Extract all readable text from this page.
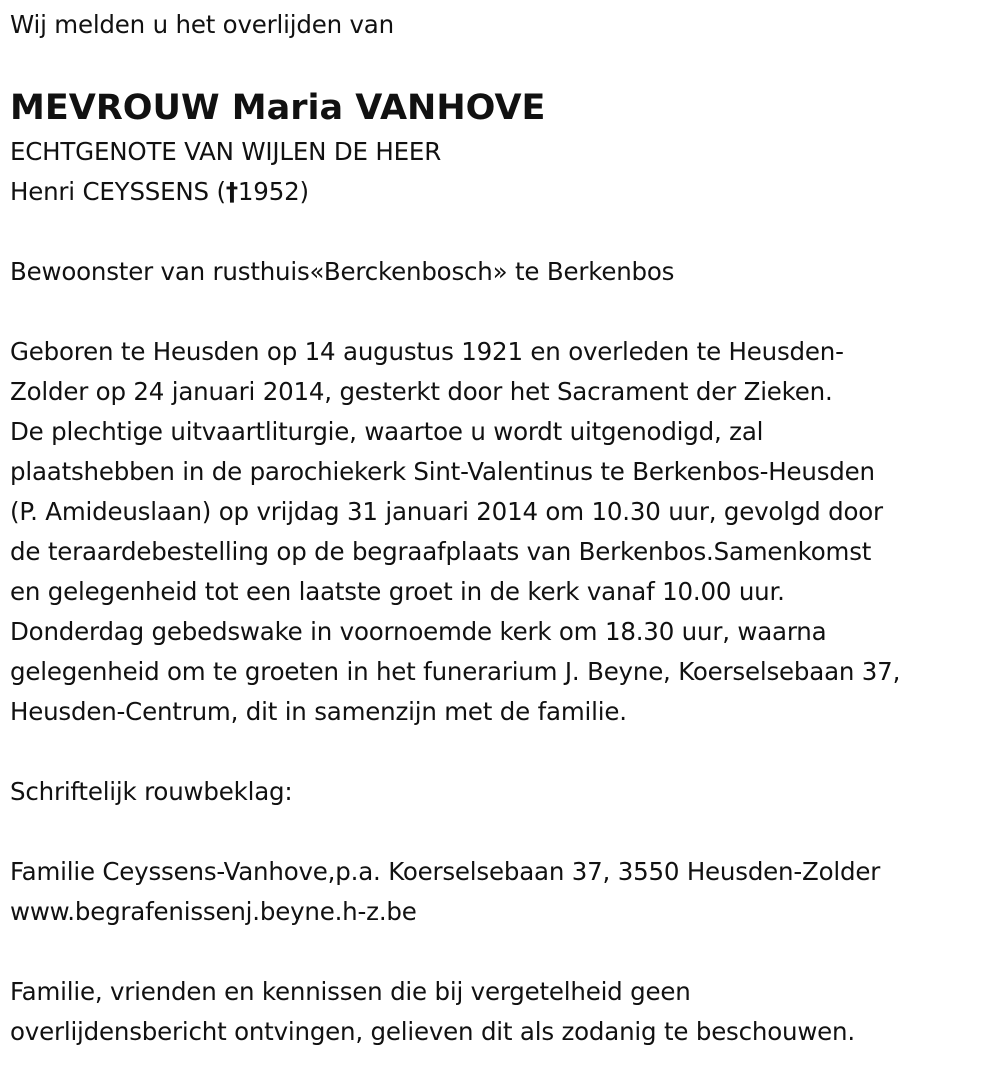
Wij melden u het overlijden van
MEVROUW Maria VANHOVE
ECHTGENOTE VAN WIJLEN DE HEER
Henri CEYSSENS (†1952)
Bewoonster van rusthuis«Berckenbosch» te Berkenbos
Geboren te Heusden op 14 augustus 1921 en overleden te Heusden-
Zolder op 24 januari 2014, gesterkt door het Sacrament der Zieken.
De plechtige uitvaartliturgie, waartoe u wordt uitgenodigd, zal
plaatshebben in de parochiekerk Sint-Valentinus te Berkenbos-Heusden
(P. Amideuslaan) op vrijdag 31 januari 2014 om 10.30 uur, gevolgd door
de teraardebestelling op de begraafplaats van Berkenbos.Samenkomst
en gelegenheid tot een laatste groet in de kerk vanaf 10.00 uur.
Donderdag gebedswake in voornoemde kerk om 18.30 uur, waarna
gelegenheid om te groeten in het funerarium J. Beyne, Koerselsebaan 37,
Heusden-Centrum, dit in samenzijn met de familie.
Schriftelijk rouwbeklag:
Familie Ceyssens-Vanhove,p.a. Koerselsebaan 37, 3550 Heusden-Zolder
www.begrafenissenj.beyne.h-z.be
Familie, vrienden en kennissen die bij vergetelheid geen
overlijdensbericht ontvingen, gelieven dit als zodanig te beschouwen.
